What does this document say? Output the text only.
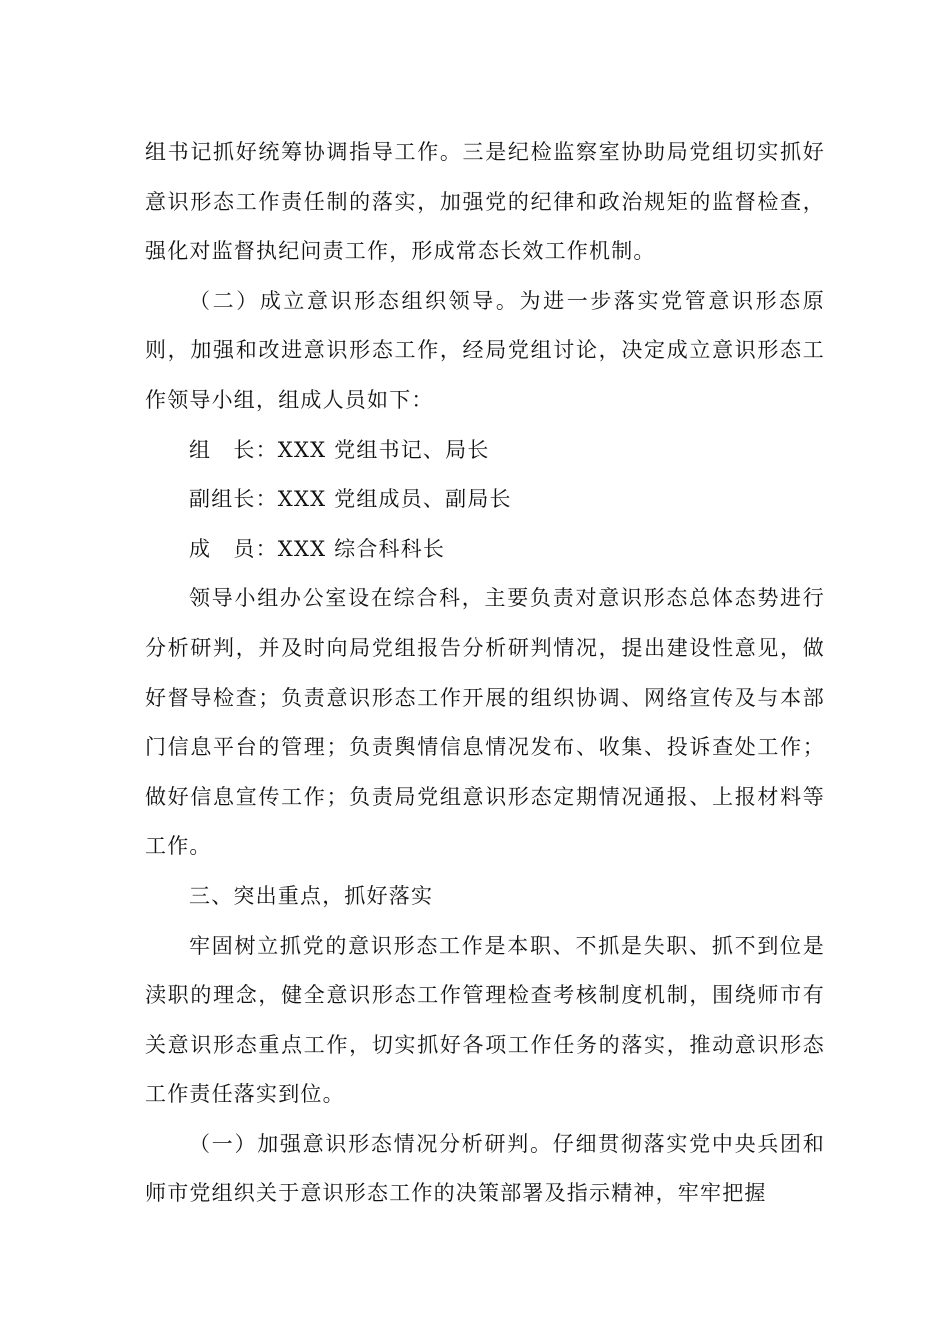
组书记抓好统筹协调指导工作。三是纪检监察室协助局党组切实抓好意识形态工作责任制的落实，加强党的纪律和政治规矩的监督检查，强化对监督执纪问责工作，形成常态长效工作机制。

（二）成立意识形态组织领导。为进一步落实党管意识形态原则，加强和改进意识形态工作，经局党组讨论，决定成立意识形态工作领导小组，组成人员如下：

组　长：XXX 党组书记、局长

副组长：XXX 党组成员、副局长

成　员：XXX 综合科科长

领导小组办公室设在综合科，主要负责对意识形态总体态势进行分析研判，并及时向局党组报告分析研判情况，提出建设性意见，做好督导检查；负责意识形态工作开展的组织协调、网络宣传及与本部门信息平台的管理；负责舆情信息情况发布、收集、投诉查处工作；做好信息宣传工作；负责局党组意识形态定期情况通报、上报材料等工作。

三、突出重点，抓好落实

牢固树立抓党的意识形态工作是本职、不抓是失职、抓不到位是渎职的理念，健全意识形态工作管理检查考核制度机制，围绕师市有关意识形态重点工作，切实抓好各项工作任务的落实，推动意识形态工作责任落实到位。

（一）加强意识形态情况分析研判。仔细贯彻落实党中央兵团和师市党组织关于意识形态工作的决策部署及指示精神，牢牢把握
